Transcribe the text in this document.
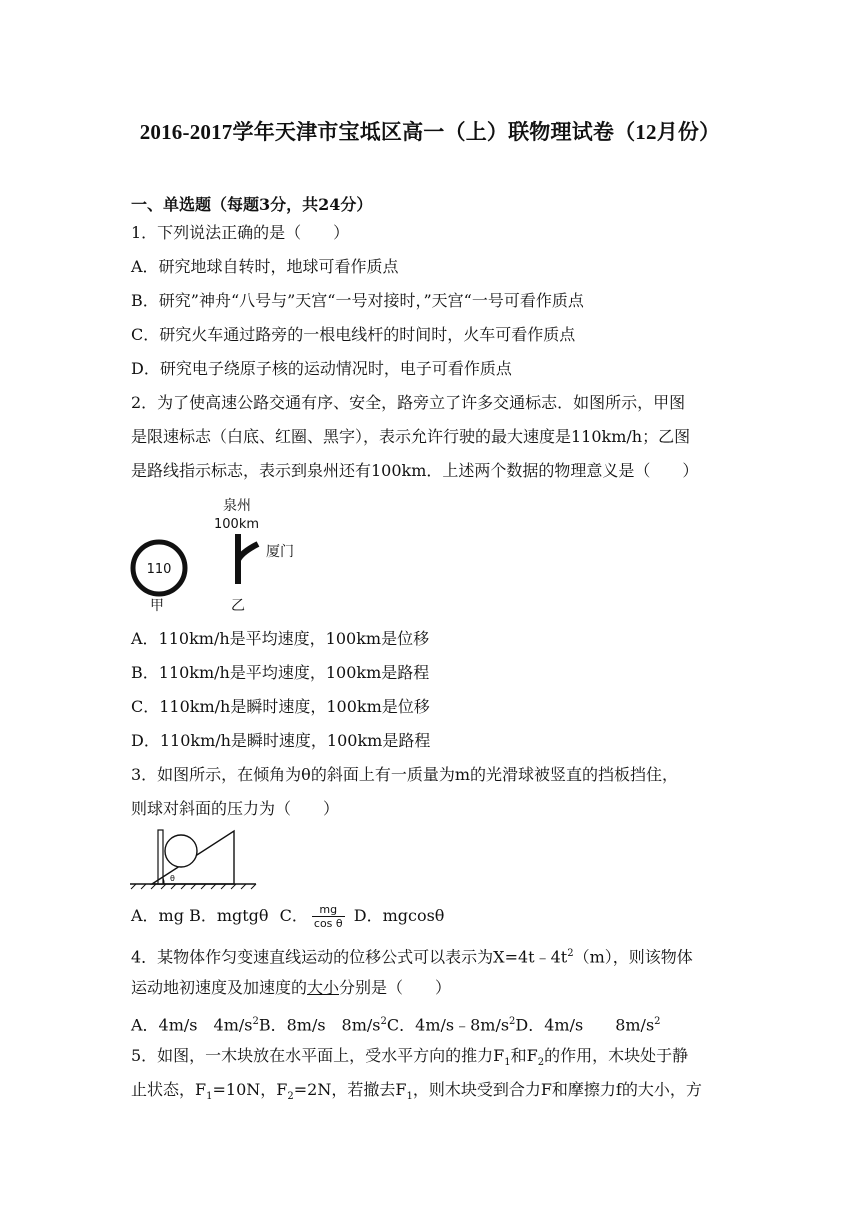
2016-2017学年天津市宝坻区高一（上）联物理试卷（12月份）
一、单选题（每题3分，共24分）
1．下列说法正确的是（　　）
A．研究地球自转时，地球可看作质点
B．研究”神舟“八号与”天宫“一号对接时，”天宫“一号可看作质点
C．研究火车通过路旁的一根电线杆的时间时，火车可看作质点
D．研究电子绕原子核的运动情况时，电子可看作质点
2．为了使高速公路交通有序、安全，路旁立了许多交通标志．如图所示，甲图
是限速标志（白底、红圈、黑字），表示允许行驶的最大速度是110km/h；乙图
是路线指示标志，表示到泉州还有100km．上述两个数据的物理意义是（　　）
110
甲
泉州
100km
厦门
乙
A．110km/h是平均速度，100km是位移
B．110km/h是平均速度，100km是路程
C．110km/h是瞬时速度，100km是位移
D．110km/h是瞬时速度，100km是路程
3．如图所示，在倾角为θ的斜面上有一质量为m的光滑球被竖直的挡板挡住，
则球对斜面的压力为（　　）
θ
A．mg B．mgtgθ C． $\frac{mg}{\text{cos θ}}$ D．mgcosθ
4．某物体作匀变速直线运动的位移公式可以表示为$X=4t﹣4t^2(m)$，则该物体
运动地初速度及加速度的大小分别是（　　）
A．4m/s　$4m/s^2B$．8m/s　$8m/s^2C$．$4m/s﹣8m/s^2D$．4m/s　　$8m/s^2$
5．如图，一木块放在水平面上，受水平方向的推力$F_1$和$F_2$的作用，木块处于静
止状态，$F_1=10N$，$F_2=2N$，若撤去$F_1$，则木块受到合力F和摩擦力f的大小，方
